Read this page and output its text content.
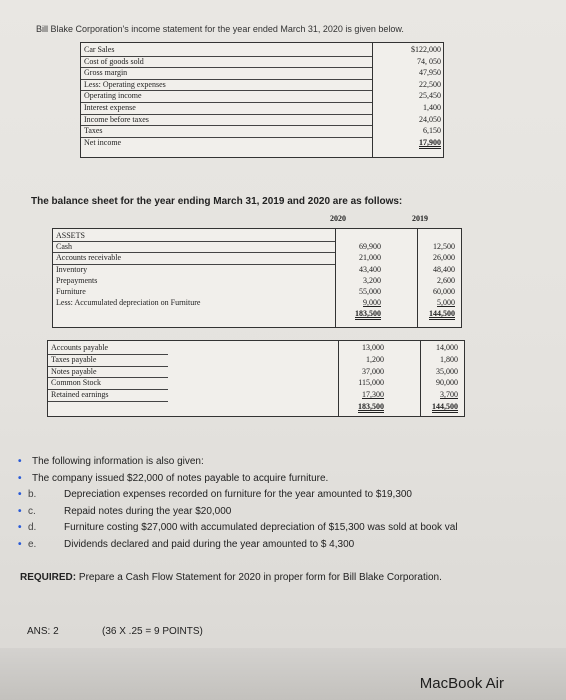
Bill Blake Corporation's income statement for the year ended March 31, 2020 is given below.
Car Sales	$122,000
Cost of goods sold	74, 050
Gross margin	47,950
Less: Operating expenses	22,500
Operating income	25,450
Interest expense	1,400
Income before taxes	24,050
Taxes	6,150
Net income	17,900
The balance sheet for the year ending March 31, 2019 and 2020 are as follows:
2020	2019
ASSETS
Cash	69,900	12,500
Accounts receivable	21,000	26,000
Inventory	43,400	48,400
Prepayments	3,200	2,600
Furniture	55,000	60,000
Less: Accumulated depreciation on Furniture	9,000	5,000
183,500	144,500
Accounts payable	13,000	14,000
Taxes payable	1,200	1,800
Notes payable	37,000	35,000
Common Stock	115,000	90,000
Retained earnings	17,300	3,700
183,500	144,500
• The following information is also given:
• The company issued $22,000 of notes payable to acquire furniture.
• b.	Depreciation expenses recorded on furniture for the year amounted to $19,300
• c.	Repaid notes during the year $20,000
• d.	Furniture costing $27,000 with accumulated depreciation of $15,300 was sold at book val
• e.	Dividends declared and paid during the year amounted to $ 4,300
REQUIRED: Prepare a Cash Flow Statement for 2020 in proper form for Bill Blake Corporation.
ANS: 2	(36 X .25 = 9 POINTS)
MacBook Air
